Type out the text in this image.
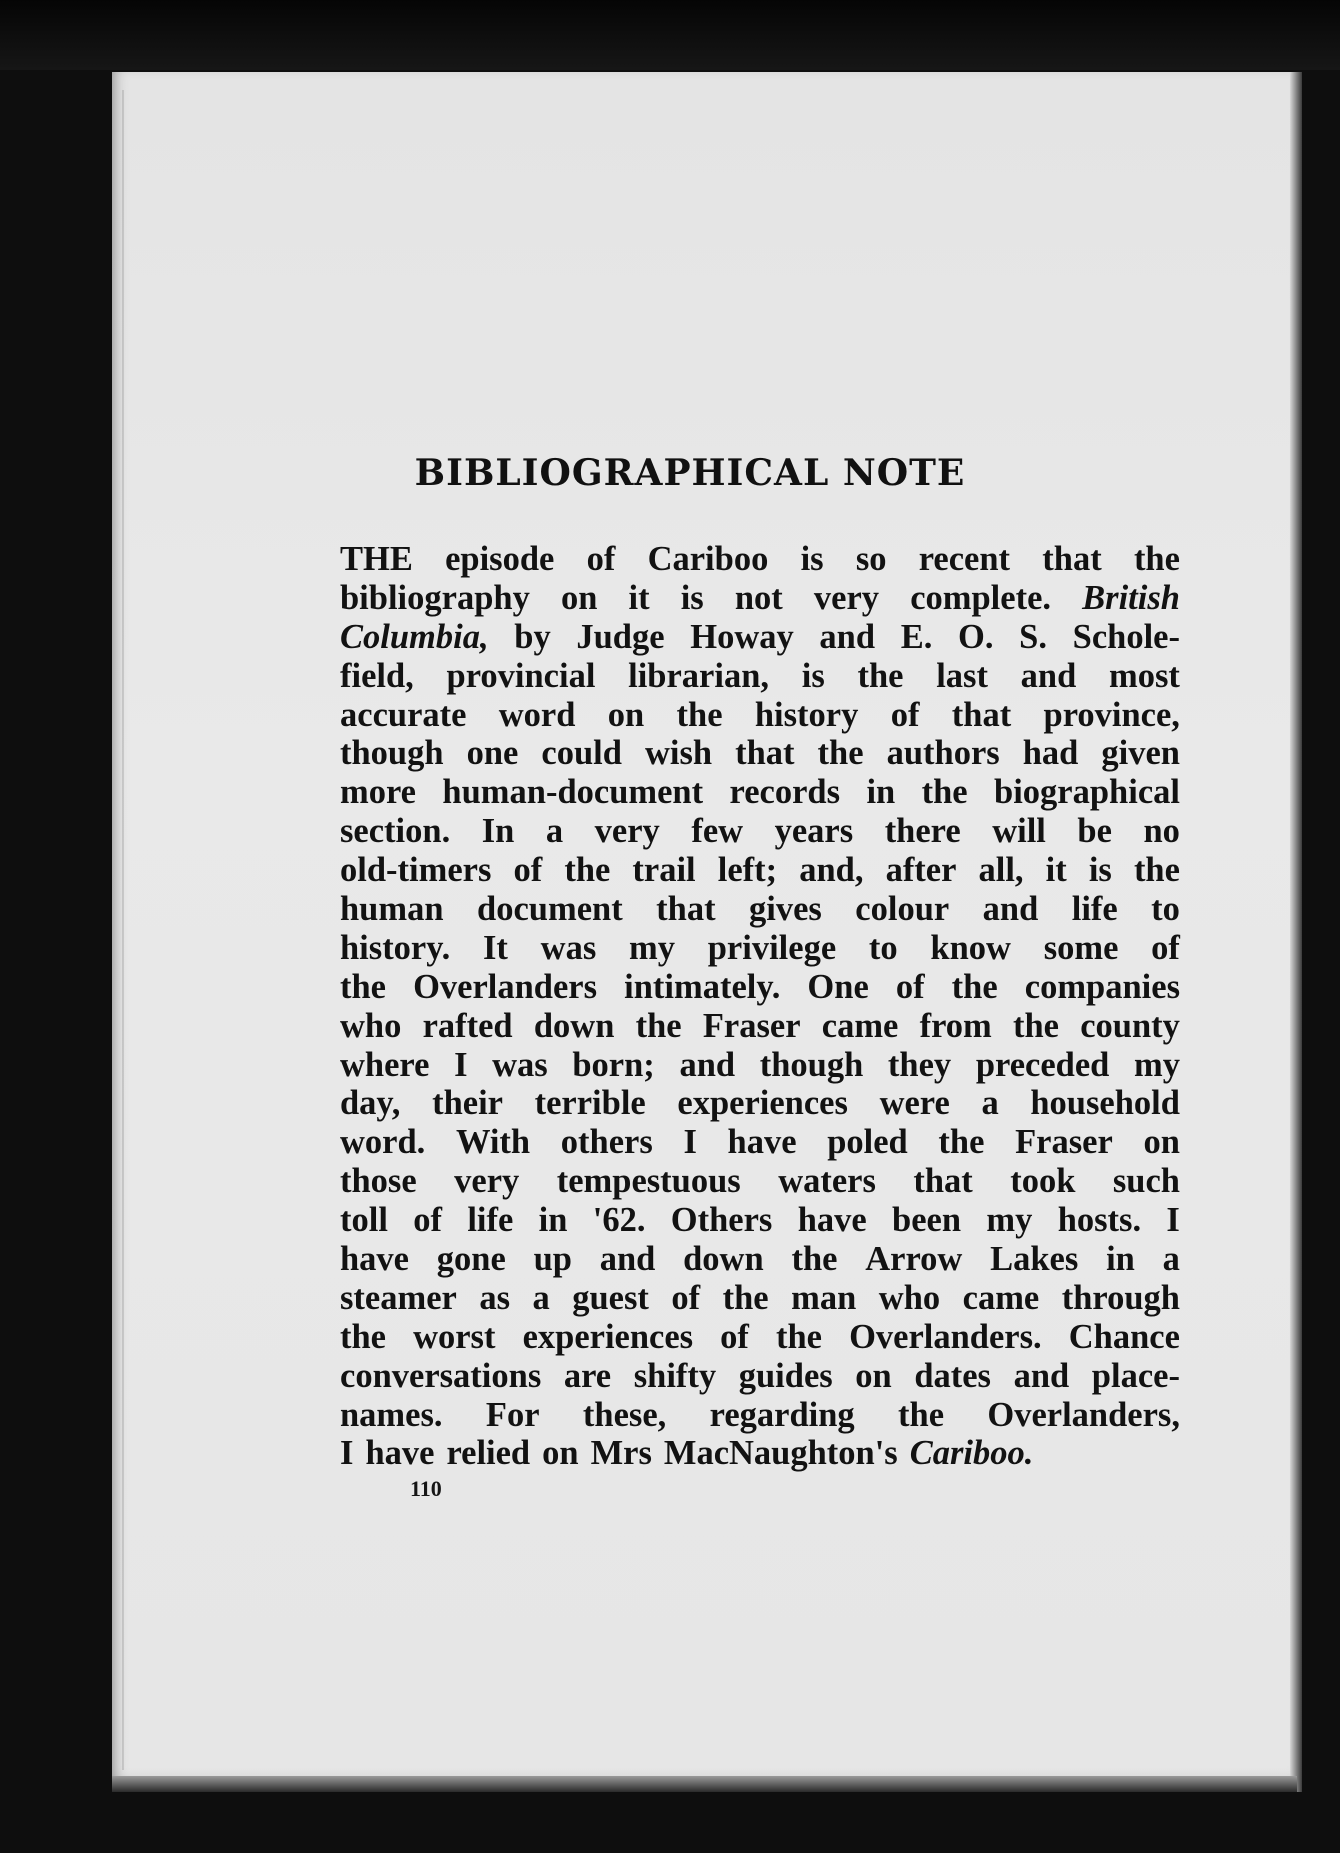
BIBLIOGRAPHICAL NOTE
THE episode of Cariboo is so recent that the
bibliography on it is not very complete. British
Columbia, by Judge Howay and E. O. S. Schole-
field, provincial librarian, is the last and most
accurate word on the history of that province,
though one could wish that the authors had given
more human-document records in the biographical
section. In a very few years there will be no
old-timers of the trail left; and, after all, it is the
human document that gives colour and life to
history. It was my privilege to know some of
the Overlanders intimately. One of the companies
who rafted down the Fraser came from the county
where I was born; and though they preceded my
day, their terrible experiences were a household
word. With others I have poled the Fraser on
those very tempestuous waters that took such
toll of life in '62. Others have been my hosts. I
have gone up and down the Arrow Lakes in a
steamer as a guest of the man who came through
the worst experiences of the Overlanders. Chance
conversations are shifty guides on dates and place-
names. For these, regarding the Overlanders,
I have relied on Mrs MacNaughton's Cariboo.
110
